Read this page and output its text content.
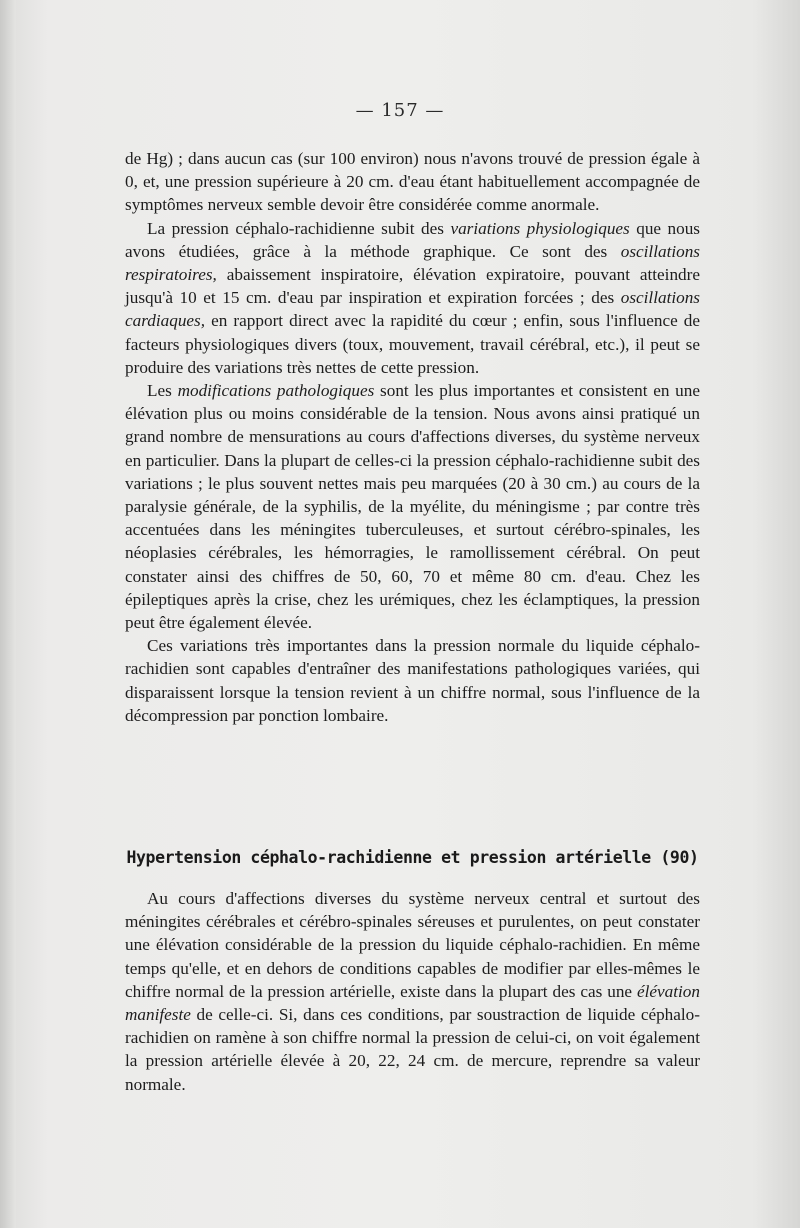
— 157 —

de Hg) ; dans aucun cas (sur 100 environ) nous n'avons trouvé de pression égale à 0, et, une pression supérieure à 20 cm. d'eau étant habituellement accompagnée de symptômes nerveux semble devoir être considérée comme anormale.

La pression céphalo-rachidienne subit des variations physiologiques que nous avons étudiées, grâce à la méthode graphique. Ce sont des oscillations respiratoires, abaissement inspiratoire, élévation expiratoire, pouvant atteindre jusqu'à 10 et 15 cm. d'eau par inspiration et expiration forcées ; des oscillations cardiaques, en rapport direct avec la rapidité du cœur ; enfin, sous l'influence de facteurs physiologiques divers (toux, mouvement, travail cérébral, etc.), il peut se produire des variations très nettes de cette pression.

Les modifications pathologiques sont les plus importantes et consistent en une élévation plus ou moins considérable de la tension. Nous avons ainsi pratiqué un grand nombre de mensurations au cours d'affections diverses, du système nerveux en particulier. Dans la plupart de celles-ci la pression céphalo-rachidienne subit des variations ; le plus souvent nettes mais peu marquées (20 à 30 cm.) au cours de la paralysie générale, de la syphilis, de la myélite, du méningisme ; par contre très accentuées dans les méningites tuberculeuses, et surtout cérébro-spinales, les néoplasies cérébrales, les hémorragies, le ramollissement cérébral. On peut constater ainsi des chiffres de 50, 60, 70 et même 80 cm. d'eau. Chez les épileptiques après la crise, chez les urémiques, chez les éclamptiques, la pression peut être également élevée.

Ces variations très importantes dans la pression normale du liquide céphalo-rachidien sont capables d'entraîner des manifestations pathologiques variées, qui disparaissent lorsque la tension revient à un chiffre normal, sous l'influence de la décompression par ponction lombaire.

Hypertension céphalo-rachidienne et pression artérielle (90)

Au cours d'affections diverses du système nerveux central et surtout des méningites cérébrales et cérébro-spinales séreuses et purulentes, on peut constater une élévation considérable de la pression du liquide céphalo-rachidien. En même temps qu'elle, et en dehors de conditions capables de modifier par elles-mêmes le chiffre normal de la pression artérielle, existe dans la plupart des cas une élévation manifeste de celle-ci. Si, dans ces conditions, par soustraction de liquide céphalo-rachidien on ramène à son chiffre normal la pression de celui-ci, on voit également la pression artérielle élevée à 20, 22, 24 cm. de mercure, reprendre sa valeur normale.
